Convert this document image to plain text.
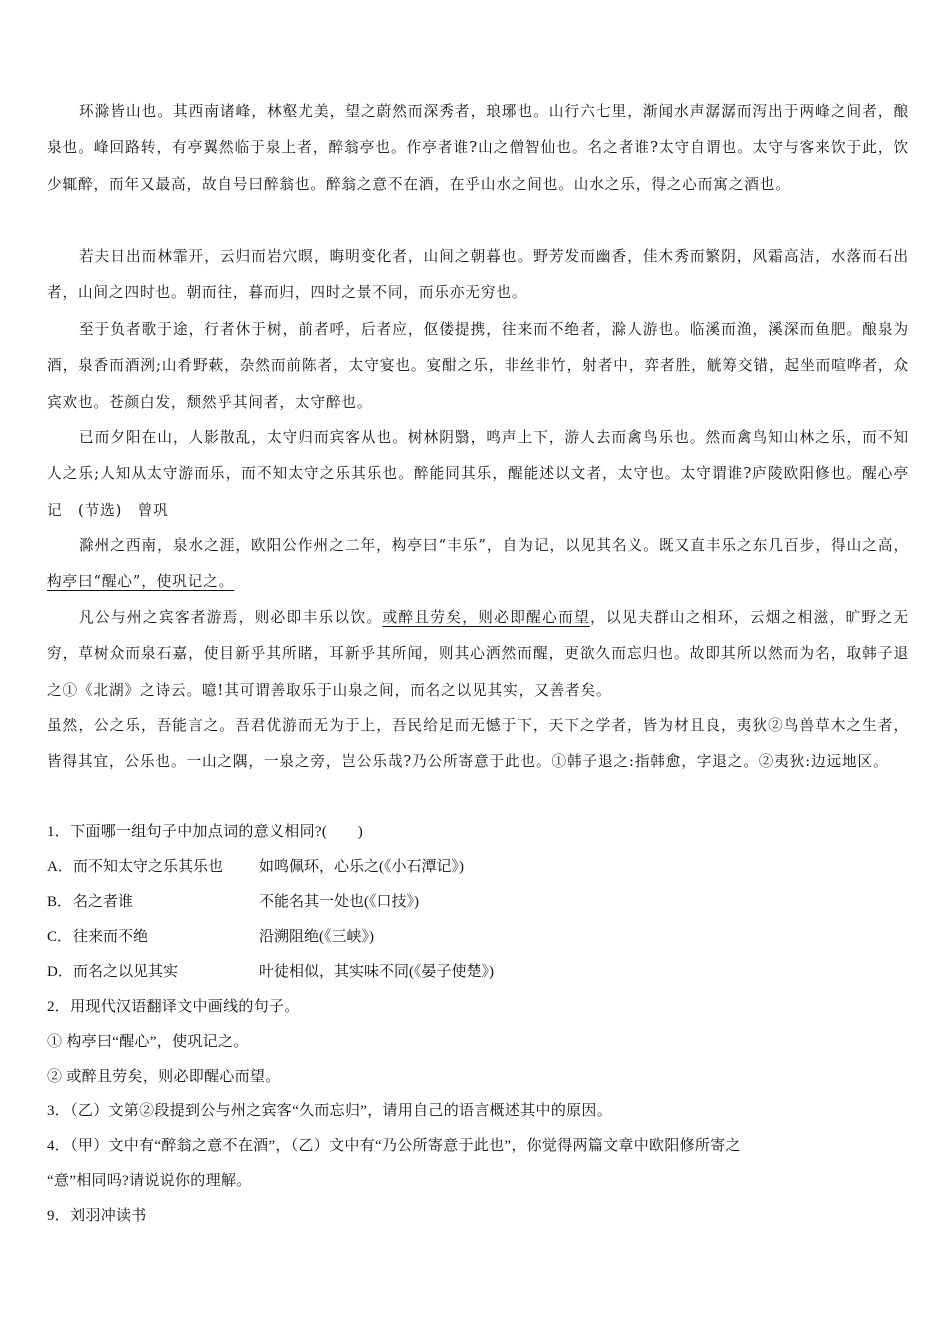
环滁皆山也。其西南诸峰，林壑尤美，望之蔚然而深秀者，琅琊也。山行六七里，渐闻水声潺潺而泻出于两峰之间者，酿泉也。峰回路转，有亭翼然临于泉上者，醉翁亭也。作亭者谁?山之僧智仙也。名之者谁?太守自谓也。太守与客来饮于此，饮少辄醉，而年又最高，故自号曰醉翁也。醉翁之意不在酒，在乎山水之间也。山水之乐，得之心而寓之酒也。

若夫日出而林霏开，云归而岩穴暝，晦明变化者，山间之朝暮也。野芳发而幽香，佳木秀而繁阴，风霜高洁，水落而石出者，山间之四时也。朝而往，暮而归，四时之景不同，而乐亦无穷也。

至于负者歌于途，行者休于树，前者呼，后者应，伛偻提携，往来而不绝者，滁人游也。临溪而渔，溪深而鱼肥。酿泉为酒，泉香而酒洌;山肴野蔌，杂然而前陈者，太守宴也。宴酣之乐，非丝非竹，射者中，弈者胜，觥筹交错，起坐而喧哗者，众宾欢也。苍颜白发，颓然乎其间者，太守醉也。

已而夕阳在山，人影散乱，太守归而宾客从也。树林阴翳，鸣声上下，游人去而禽鸟乐也。然而禽鸟知山林之乐，而不知人之乐;人知从太守游而乐，而不知太守之乐其乐也。醉能同其乐，醒能述以文者，太守也。太守谓谁?庐陵欧阳修也。醒心亭记　(节选)　曾巩

滁州之西南，泉水之涯，欧阳公作州之二年，构亭曰“丰乐”，自为记，以见其名义。既又直丰乐之东几百步，得山之高，构亭曰“醒心”，使巩记之。

凡公与州之宾客者游焉，则必即丰乐以饮。或醉且劳矣，则必即醒心而望，以见夫群山之相环，云烟之相滋，旷野之无穷，草树众而泉石嘉，使目新乎其所睹，耳新乎其所闻，则其心洒然而醒，更欲久而忘归也。故即其所以然而为名，取韩子退之①《北湖》之诗云。噫!其可谓善取乐于山泉之间，而名之以见其实，又善者矣。

虽然，公之乐，吾能言之。吾君优游而无为于上，吾民给足而无憾于下，天下之学者，皆为材且良，夷狄②鸟兽草木之生者，皆得其宜，公乐也。一山之隅，一泉之旁，岂公乐哉?乃公所寄意于此也。①韩子退之:指韩愈，字退之。②夷狄:边远地区。

1．下面哪一组句子中加点词的意义相同?(　　)

A．而不知太守之乐其乐也 如鸣佩环，心乐之(《小石潭记》)
B．名之者谁	不能名其一处也(《口技》)
C．往来而不绝	沿溯阻绝(《三峡》)
D．而名之以见其实	叶徒相似，其实味不同(《晏子使楚》)

2．用现代汉语翻译文中画线的句子。

① 构亭曰“醒心”，使巩记之。

② 或醉且劳矣，则必即醒心而望。

3．（乙）文第②段提到公与州之宾客“久而忘归”，请用自己的语言概述其中的原因。

4．（甲）文中有“醉翁之意不在酒”，（乙）文中有“乃公所寄意于此也”，你觉得两篇文章中欧阳修所寄之

“意”相同吗?请说说你的理解。

9．刘羽冲读书
